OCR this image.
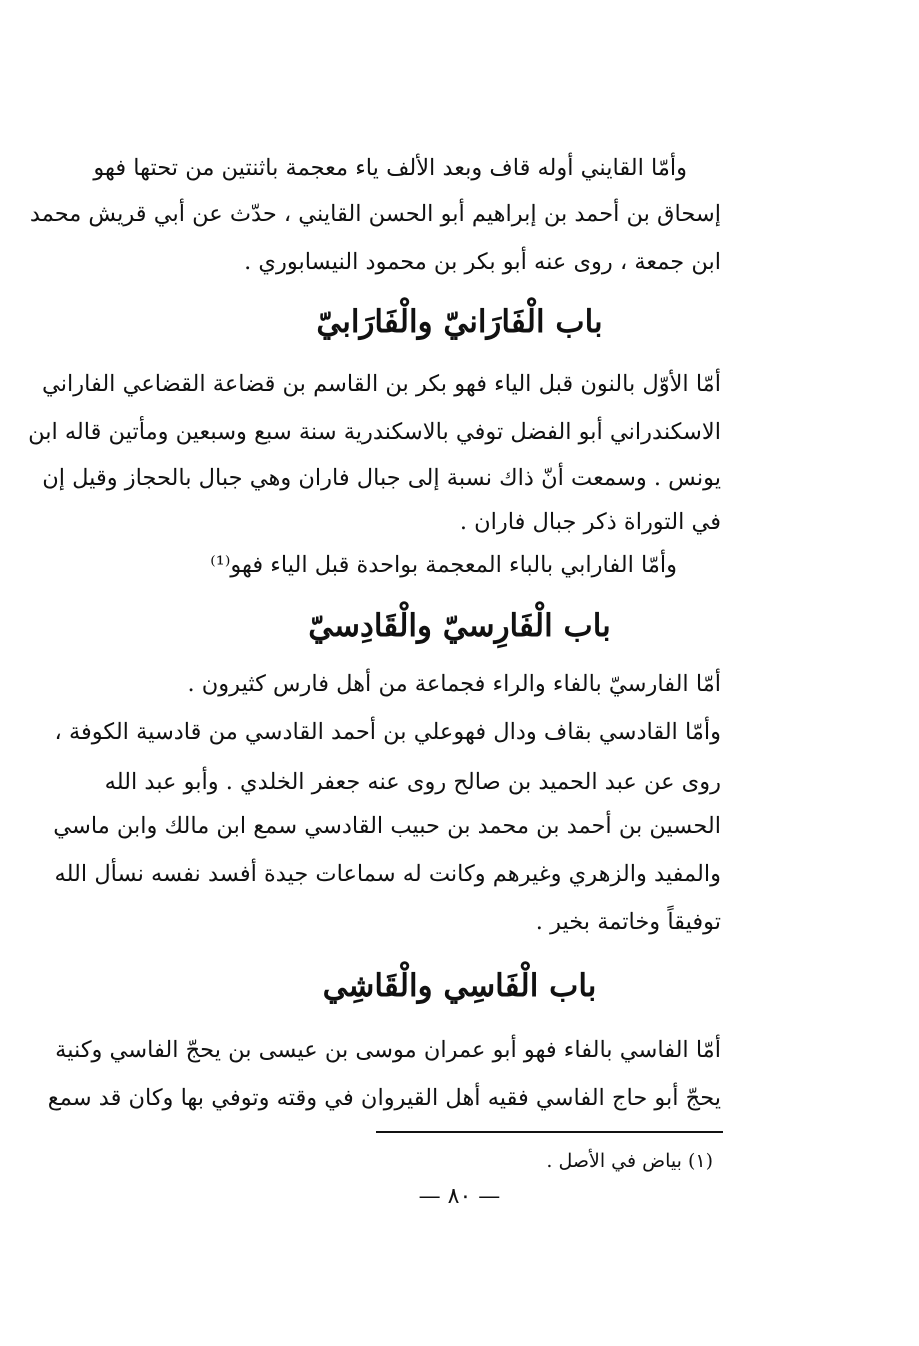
وأمّا القايني أوله قاف وبعد الألف ياء معجمة باثنتين من تحتها فهو
إسحاق بن أحمد بن إبراهيم أبو الحسن القايني ، حدّث عن أبي قريش محمد
ابن جمعة ، روى عنه أبو بكر بن محمود النيسابوري .
باب الْفَارَانيّ والْفَارَابيّ
أمّا الأوّل بالنون قبل الياء فهو بكر بن القاسم بن قضاعة القضاعي الفاراني
الاسكندراني أبو الفضل توفي بالاسكندرية سنة سبع وسبعين ومأتين قاله ابن
يونس . وسمعت أنّ ذاك نسبة إلى جبال فاران وهي جبال بالحجاز وقيل إن
في التوراة ذكر جبال فاران .
وأمّا الفارابي بالباء المعجمة بواحدة قبل الياء فهو⁽¹⁾
باب الْفَارِسيّ والْقَادِسيّ
أمّا الفارسيّ بالفاء والراء فجماعة من أهل فارس كثيرون .
وأمّا القادسي بقاف ودال فهوعلي بن أحمد القادسي من قادسية الكوفة ،
روى عن عبد الحميد بن صالح روى عنه جعفر الخلدي . وأبو عبد الله
الحسين بن أحمد بن محمد بن حبيب القادسي سمع ابن مالك وابن ماسي
والمفيد والزهري وغيرهم وكانت له سماعات جيدة أفسد نفسه نسأل الله
توفيقاً وخاتمة بخير .
باب الْفَاسِي والْقَاشِي
أمّا الفاسي بالفاء فهو أبو عمران موسى بن عيسى بن يحجّ الفاسي وكنية
يحجّ أبو حاج الفاسي فقيه أهل القيروان في وقته وتوفي بها وكان قد سمع
(١) بياض في الأصل .
— ٨٠ —
